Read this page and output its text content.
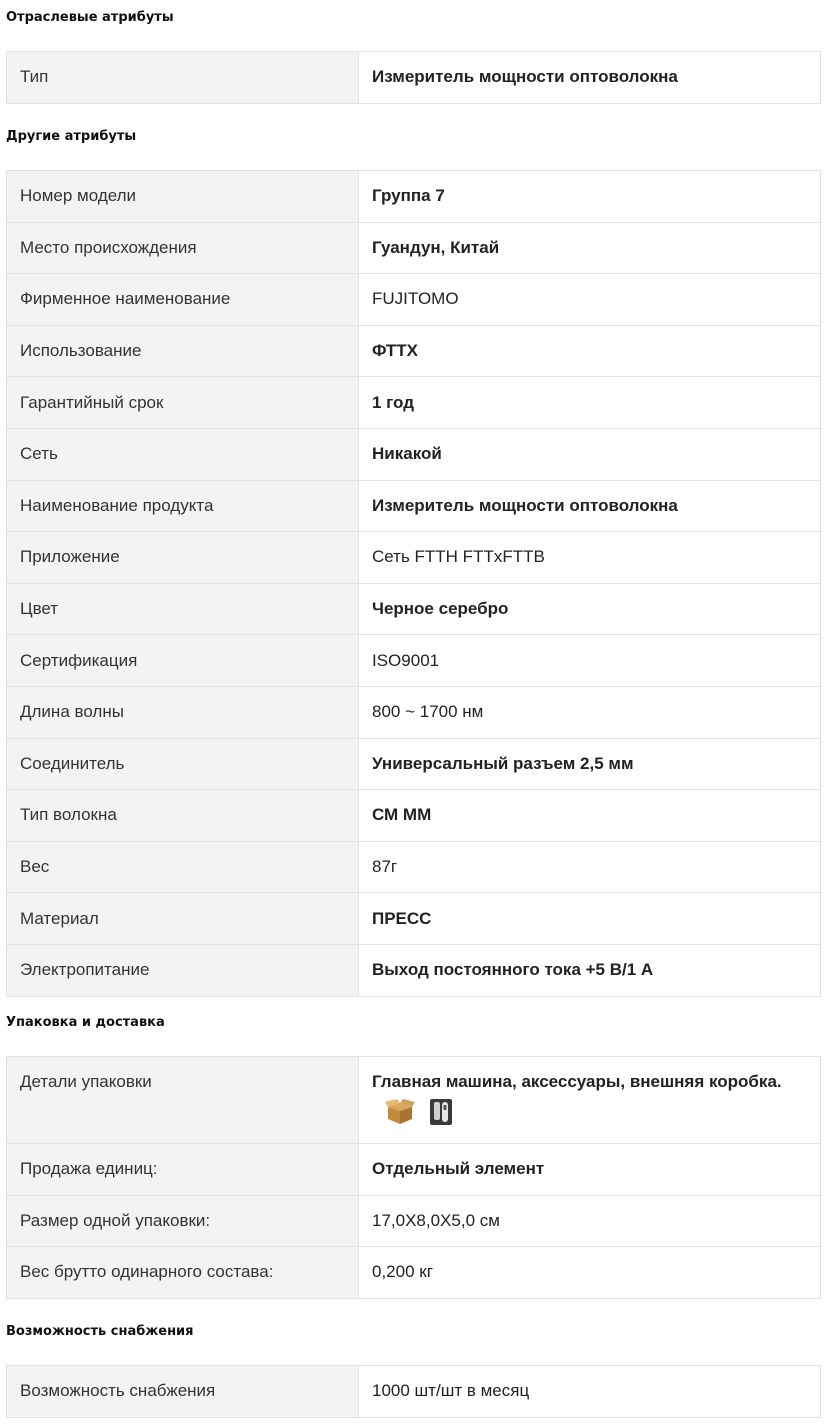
Отраслевые атрибуты
Тип	Измеритель мощности оптоволокна
Другие атрибуты
Номер модели	Группа 7
Место происхождения	Гуандун, Китай
Фирменное наименование	FUJITOMO
Использование	ФТТХ
Гарантийный срок	1 год
Сеть	Никакой
Наименование продукта	Измеритель мощности оптоволокна
Приложение	Сеть FTTH FTTxFTTB
Цвет	Черное серебро
Сертификация	ISO9001
Длина волны	800 ~ 1700 нм
Соединитель	Универсальный разъем 2,5 мм
Тип волокна	СМ ММ
Вес	87г
Материал	ПРЕСС
Электропитание	Выход постоянного тока +5 В/1 А
Упаковка и доставка
Детали упаковки	Главная машина, аксессуары, внешняя коробка.

Продажа единиц:	Отдельный элемент
Размер одной упаковки:	17,0X8,0X5,0 см
Вес брутто одинарного состава:	0,200 кг
Возможность снабжения
Возможность снабжения	1000 шт/шт в месяц
